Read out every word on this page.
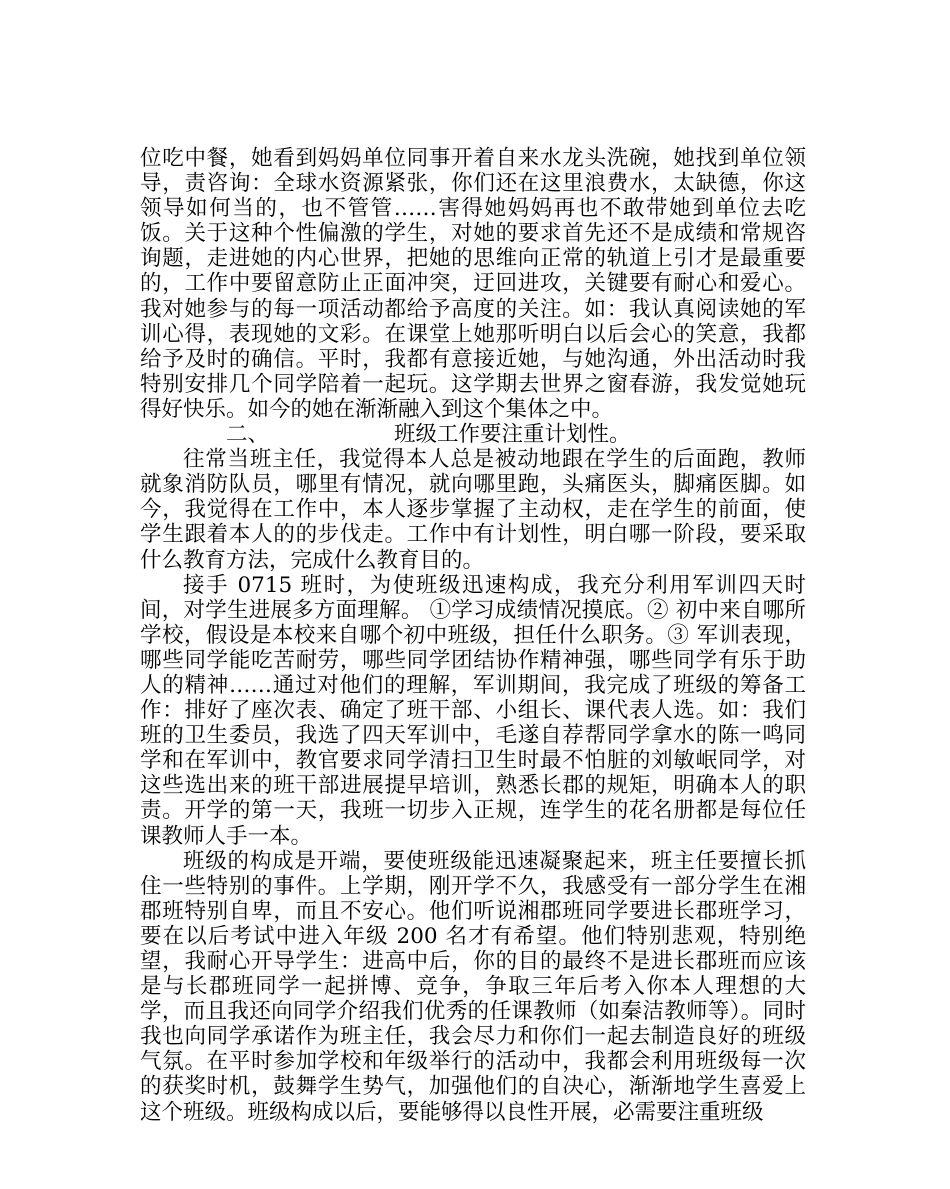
位吃中餐，她看到妈妈单位同事开着自来水龙头洗碗，她找到单位领导，责咨询：全球水资源紧张，你们还在这里浪费水，太缺德，你这领导如何当的，也不管管……害得她妈妈再也不敢带她到单位去吃饭。关于这种个性偏激的学生，对她的要求首先还不是成绩和常规咨询题，走进她的内心世界，把她的思维向正常的轨道上引才是最重要的，工作中要留意防止正面冲突，迂回进攻，关键要有耐心和爱心。我对她参与的每一项活动都给予高度的关注。如：我认真阅读她的军训心得，表现她的文彩。在课堂上她那听明白以后会心的笑意，我都给予及时的确信。平时，我都有意接近她，与她沟通，外出活动时我特别安排几个同学陪着一起玩。这学期去世界之窗春游，我发觉她玩得好快乐。如今的她在渐渐融入到这个集体之中。

二、	班级工作要注重计划性。

往常当班主任，我觉得本人总是被动地跟在学生的后面跑，教师就象消防队员，哪里有情况，就向哪里跑，头痛医头，脚痛医脚。如今，我觉得在工作中，本人逐步掌握了主动权，走在学生的前面，使学生跟着本人的的步伐走。工作中有计划性，明白哪一阶段，要采取什么教育方法，完成什么教育目的。

接手 0715 班时，为使班级迅速构成，我充分利用军训四天时间，对学生进展多方面理解。 ①学习成绩情况摸底。② 初中来自哪所学校，假设是本校来自哪个初中班级，担任什么职务。③ 军训表现，哪些同学能吃苦耐劳，哪些同学团结协作精神强，哪些同学有乐于助人的精神……通过对他们的理解，军训期间，我完成了班级的筹备工作：排好了座次表、确定了班干部、小组长、课代表人选。如：我们班的卫生委员，我选了四天军训中，毛遂自荐帮同学拿水的陈一鸣同学和在军训中，教官要求同学清扫卫生时最不怕脏的刘敏岷同学，对这些选出来的班干部进展提早培训，熟悉长郡的规矩，明确本人的职责。开学的第一天，我班一切步入正规，连学生的花名册都是每位任课教师人手一本。

班级的构成是开端，要使班级能迅速凝聚起来，班主任要擅长抓住一些特别的事件。上学期，刚开学不久，我感受有一部分学生在湘郡班特别自卑，而且不安心。他们听说湘郡班同学要进长郡班学习，要在以后考试中进入年级 200 名才有希望。他们特别悲观，特别绝望，我耐心开导学生：进高中后，你的目的最终不是进长郡班而应该是与长郡班同学一起拼博、竞争，争取三年后考入你本人理想的大学，而且我还向同学介绍我们优秀的任课教师（如秦洁教师等）。同时我也向同学承诺作为班主任，我会尽力和你们一起去制造良好的班级气氛。在平时参加学校和年级举行的活动中，我都会利用班级每一次的获奖时机，鼓舞学生势气，加强他们的自决心，渐渐地学生喜爱上这个班级。班级构成以后，要能够得以良性开展，必需要注重班级
